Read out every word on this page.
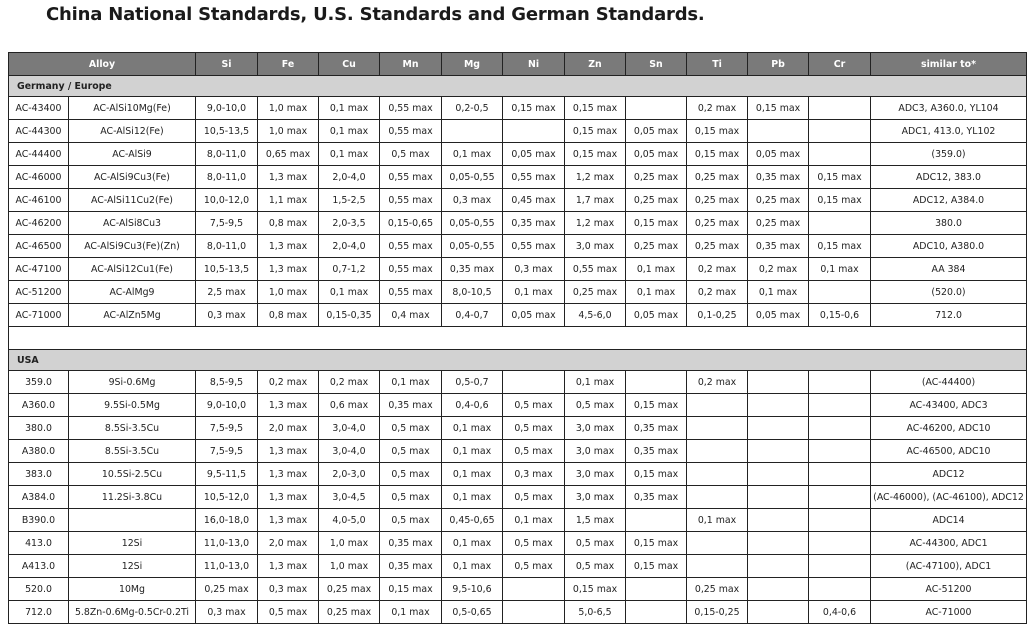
China National Standards, U.S. Standards and German Standards.
Alloy		Si	Fe	Cu	Mn	Mg	Ni	Zn	Sn	Ti	Pb	Cr	similar to*
Germany / Europe													
AC-43400	AC-AlSi10Mg(Fe)	9,0-10,0	1,0 max	0,1 max	0,55 max	0,2-0,5	0,15 max	0,15 max		0,2 max	0,15 max		ADC3, A360.0, YL104
AC-44300	AC-AlSi12(Fe)	10,5-13,5	1,0 max	0,1 max	0,55 max			0,15 max	0,05 max	0,15 max			ADC1, 413.0, YL102
AC-44400	AC-AlSi9	8,0-11,0	0,65 max	0,1 max	0,5 max	0,1 max	0,05 max	0,15 max	0,05 max	0,15 max	0,05 max		(359.0)
AC-46000	AC-AlSi9Cu3(Fe)	8,0-11,0	1,3 max	2,0-4,0	0,55 max	0,05-0,55	0,55 max	1,2 max	0,25 max	0,25 max	0,35 max	0,15 max	ADC12, 383.0
AC-46100	AC-AlSi11Cu2(Fe)	10,0-12,0	1,1 max	1,5-2,5	0,55 max	0,3 max	0,45 max	1,7 max	0,25 max	0,25 max	0,25 max	0,15 max	ADC12, A384.0
AC-46200	AC-AlSi8Cu3	7,5-9,5	0,8 max	2,0-3,5	0,15-0,65	0,05-0,55	0,35 max	1,2 max	0,15 max	0,25 max	0,25 max		380.0
AC-46500	AC-AlSi9Cu3(Fe)(Zn)	8,0-11,0	1,3 max	2,0-4,0	0,55 max	0,05-0,55	0,55 max	3,0 max	0,25 max	0,25 max	0,35 max	0,15 max	ADC10, A380.0
AC-47100	AC-AlSi12Cu1(Fe)	10,5-13,5	1,3 max	0,7-1,2	0,55 max	0,35 max	0,3 max	0,55 max	0,1 max	0,2 max	0,2 max	0,1 max	AA 384
AC-51200	AC-AlMg9	2,5 max	1,0 max	0,1 max	0,55 max	8,0-10,5	0,1 max	0,25 max	0,1 max	0,2 max	0,1 max		(520.0)
AC-71000	AC-AlZn5Mg	0,3 max	0,8 max	0,15-0,35	0,4 max	0,4-0,7	0,05 max	4,5-6,0	0,05 max	0,1-0,25	0,05 max	0,15-0,6	712.0

USA													
359.0	9Si-0.6Mg	8,5-9,5	0,2 max	0,2 max	0,1 max	0,5-0,7		0,1 max		0,2 max			(AC-44400)
A360.0	9.5Si-0.5Mg	9,0-10,0	1,3 max	0,6 max	0,35 max	0,4-0,6	0,5 max	0,5 max	0,15 max				AC-43400, ADC3
380.0	8.5Si-3.5Cu	7,5-9,5	2,0 max	3,0-4,0	0,5 max	0,1 max	0,5 max	3,0 max	0,35 max				AC-46200, ADC10
A380.0	8.5Si-3.5Cu	7,5-9,5	1,3 max	3,0-4,0	0,5 max	0,1 max	0,5 max	3,0 max	0,35 max				AC-46500, ADC10
383.0	10.5Si-2.5Cu	9,5-11,5	1,3 max	2,0-3,0	0,5 max	0,1 max	0,3 max	3,0 max	0,15 max				ADC12
A384.0	11.2Si-3.8Cu	10,5-12,0	1,3 max	3,0-4,5	0,5 max	0,1 max	0,5 max	3,0 max	0,35 max				(AC-46000), (AC-46100), ADC12
B390.0		16,0-18,0	1,3 max	4,0-5,0	0,5 max	0,45-0,65	0,1 max	1,5 max		0,1 max			ADC14
413.0	12Si	11,0-13,0	2,0 max	1,0 max	0,35 max	0,1 max	0,5 max	0,5 max	0,15 max				AC-44300, ADC1
A413.0	12Si	11,0-13,0	1,3 max	1,0 max	0,35 max	0,1 max	0,5 max	0,5 max	0,15 max				(AC-47100), ADC1
520.0	10Mg	0,25 max	0,3 max	0,25 max	0,15 max	9,5-10,6		0,15 max		0,25 max			AC-51200
712.0	5.8Zn-0.6Mg-0.5Cr-0.2Ti	0,3 max	0,5 max	0,25 max	0,1 max	0,5-0,65		5,0-6,5		0,15-0,25		0,4-0,6	AC-71000
